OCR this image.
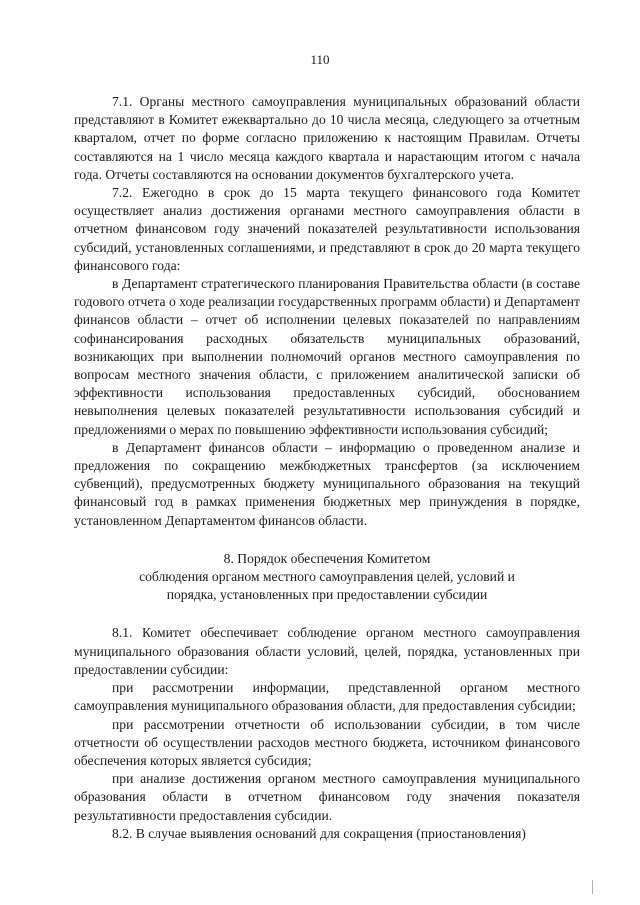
110

7.1. Органы местного самоуправления муниципальных образований области представляют в Комитет ежеквартально до 10 числа месяца, следующего за отчетным кварталом, отчет по форме согласно приложению к настоящим Правилам. Отчеты составляются на 1 число месяца каждого квартала и нарастающим итогом с начала года. Отчеты составляются на основании документов бухгалтерского учета.

7.2. Ежегодно в срок до 15 марта текущего финансового года Комитет осуществляет анализ достижения органами местного самоуправления области в отчетном финансовом году значений показателей результативности использования субсидий, установленных соглашениями, и представляют в срок до 20 марта текущего финансового года:

в Департамент стратегического планирования Правительства области (в составе годового отчета о ходе реализации государственных программ области) и Департамент финансов области – отчет об исполнении целевых показателей по направлениям софинансирования расходных обязательств муниципальных образований, возникающих при выполнении полномочий органов местного самоуправления по вопросам местного значения области, с приложением аналитической записки об эффективности использования предоставленных субсидий, обоснованием невыполнения целевых показателей результативности использования субсидий и предложениями о мерах по повышению эффективности использования субсидий;

в Департамент финансов области – информацию о проведенном анализе и предложения по сокращению межбюджетных трансфертов (за исключением субвенций), предусмотренных бюджету муниципального образования на текущий финансовый год в рамках применения бюджетных мер принуждения в порядке, установленном Департаментом финансов области.

8. Порядок обеспечения Комитетом
соблюдения органом местного самоуправления целей, условий и
порядка, установленных при предоставлении субсидии

8.1. Комитет обеспечивает соблюдение органом местного самоуправления муниципального образования области условий, целей, порядка, установленных при предоставлении субсидии:

при рассмотрении информации, представленной органом местного самоуправления муниципального образования области, для предоставления субсидии;

при рассмотрении отчетности об использовании субсидии, в том числе отчетности об осуществлении расходов местного бюджета, источником финансового обеспечения которых является субсидия;

при анализе достижения органом местного самоуправления муниципального образования области в отчетном финансовом году значения показателя результативности предоставления субсидии.

8.2. В случае выявления оснований для сокращения (приостановления)
